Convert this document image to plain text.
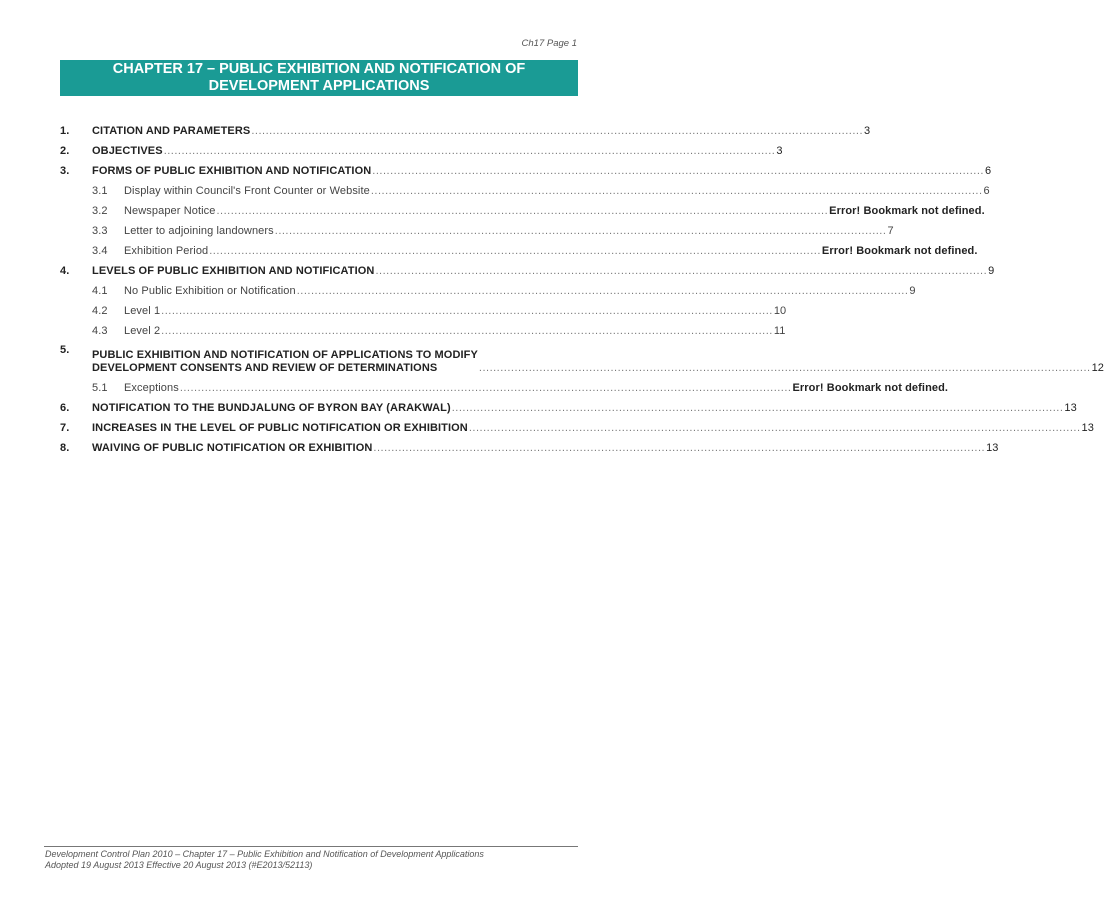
Ch17 Page 1
CHAPTER 17 – PUBLIC EXHIBITION AND NOTIFICATION OF
DEVELOPMENT APPLICATIONS
1.	CITATION AND PARAMETERS ............................................................................................................................................................................ 3
2.	OBJECTIVES ............................................................................................................................................................................ 3
3.	FORMS OF PUBLIC EXHIBITION AND NOTIFICATION ............................................................................................................................................................................ 6
3.1	Display within Council's Front Counter or Website ............................................................................................................................................................................ 6
3.2	Newspaper Notice ............................................................................................................................................................................ Error! Bookmark not defined.
3.3	Letter to adjoining landowners ............................................................................................................................................................................ 7
3.4	Exhibition Period ............................................................................................................................................................................ Error! Bookmark not defined.
4.	LEVELS OF PUBLIC EXHIBITION AND NOTIFICATION ............................................................................................................................................................................ 9
4.1	No Public Exhibition or Notification ............................................................................................................................................................................ 9
4.2	Level 1 ............................................................................................................................................................................ 10
4.3	Level 2 ............................................................................................................................................................................ 11
5.	PUBLIC EXHIBITION AND NOTIFICATION OF APPLICATIONS TO MODIFY
DEVELOPMENT CONSENTS AND REVIEW OF DETERMINATIONS	............................................................................................................................................................................ 12
5.1	Exceptions ............................................................................................................................................................................ Error! Bookmark not defined.
6.	NOTIFICATION TO THE BUNDJALUNG OF BYRON BAY (ARAKWAL) ............................................................................................................................................................................ 13
7.	INCREASES IN THE LEVEL OF PUBLIC NOTIFICATION OR EXHIBITION ............................................................................................................................................................................ 13
8.	WAIVING OF PUBLIC NOTIFICATION OR EXHIBITION ............................................................................................................................................................................ 13
Development Control Plan 2010 – Chapter 17 – Public Exhibition and Notification of Development Applications
Adopted 19 August 2013 Effective 20 August 2013 (#E2013/52113)
